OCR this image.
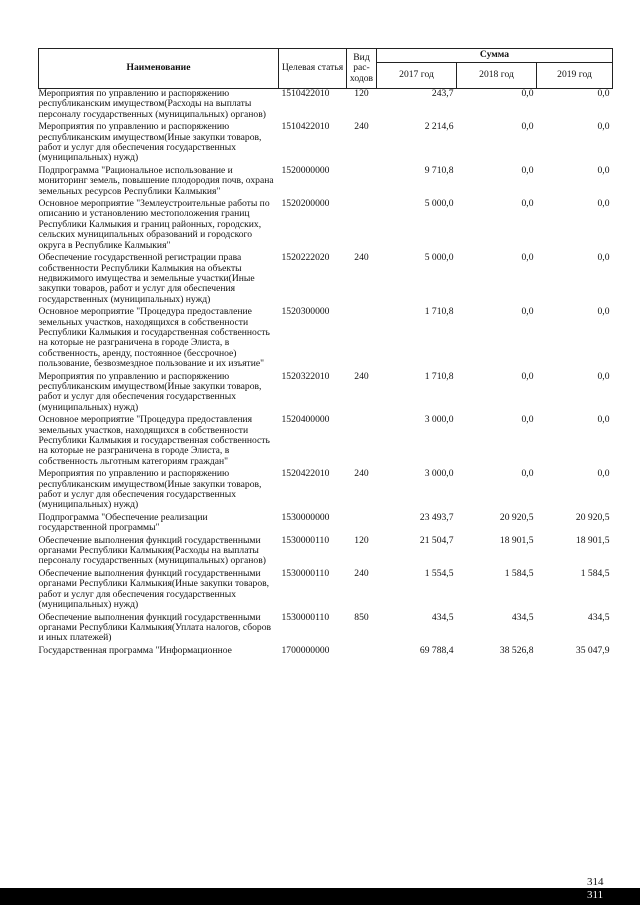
Наименование	Целевая статья	Вид рас-ходов	Сумма		
			2017 год	2018 год	2019 год
Мероприятия по управлению и распоряжению республиканским имуществом(Расходы на выплаты персоналу государственных (муниципальных) органов)	1510422010	120	243,7	0,0	0,0
Мероприятия по управлению и распоряжению республиканским имуществом(Иные закупки товаров, работ и услуг для обеспечения государственных (муниципальных) нужд)	1510422010	240	2 214,6	0,0	0,0
Подпрограмма "Рациональное использование и мониторинг земель, повышение плодородия почв, охрана земельных ресурсов Республики Калмыкия"	1520000000		9 710,8	0,0	0,0
Основное мероприятие "Землеустроительные работы по описанию и установлению местоположения границ Республики Калмыкия и границ районных, городских, сельских муниципальных образований и городского округа в Республике Калмыкия"	1520200000		5 000,0	0,0	0,0
Обеспечение государственной регистрации права собственности Республики Калмыкия на объекты недвижимого имущества и земельные участки(Иные закупки товаров, работ и услуг для обеспечения государственных (муниципальных) нужд)	1520222020	240	5 000,0	0,0	0,0
Основное мероприятие "Процедура предоставление земельных участков, находящихся в собственности Республики Калмыкия и государственная собственность на которые не разграничена в городе Элиста, в собственность, аренду, постоянное (бессрочное) пользование, безвозмездное пользование и их изъятие"	1520300000		1 710,8	0,0	0,0
Мероприятия по управлению и распоряжению республиканским имуществом(Иные закупки товаров, работ и услуг для обеспечения государственных (муниципальных) нужд)	1520322010	240	1 710,8	0,0	0,0
Основное мероприятие "Процедура предоставления земельных участков, находящихся в собственности Республики Калмыкия и государственная собственность на которые не разграничена в городе Элиста, в собственность льготным категориям граждан"	1520400000		3 000,0	0,0	0,0
Мероприятия по управлению и распоряжению республиканским имуществом(Иные закупки товаров, работ и услуг для обеспечения государственных (муниципальных) нужд)	1520422010	240	3 000,0	0,0	0,0
Подпрограмма "Обеспечение реализации государственной программы"	1530000000		23 493,7	20 920,5	20 920,5
Обеспечение выполнения функций государственными органами Республики Калмыкия(Расходы на выплаты персоналу государственных (муниципальных) органов)	1530000110	120	21 504,7	18 901,5	18 901,5
Обеспечение выполнения функций государственными органами Республики Калмыкия(Иные закупки товаров, работ и услуг для обеспечения государственных (муниципальных) нужд)	1530000110	240	1 554,5	1 584,5	1 584,5
Обеспечение выполнения функций государственными органами Республики Калмыкия(Уплата налогов, сборов и иных платежей)	1530000110	850	434,5	434,5	434,5
Государственная программа "Информационное	1700000000		69 788,4	38 526,8	35 047,9
314
311
